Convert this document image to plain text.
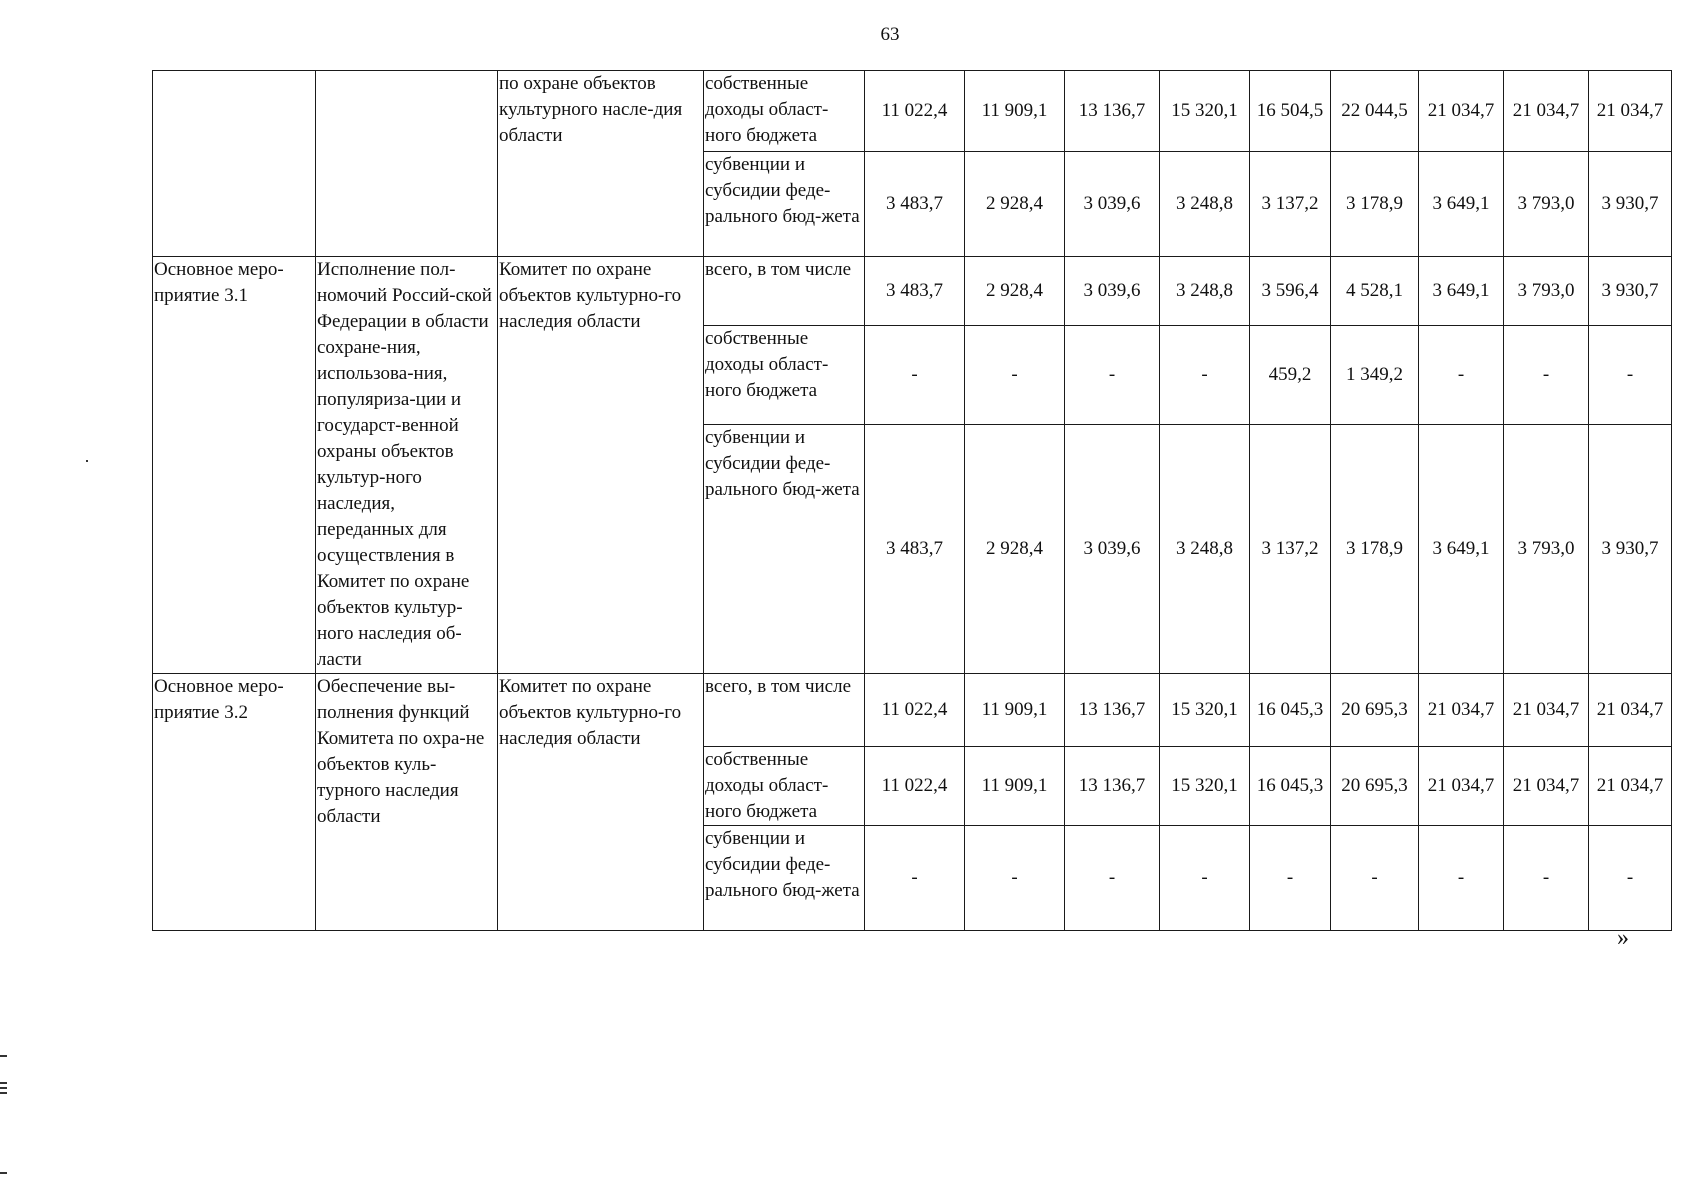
63
		по охране объектов культурного насле-дия области	собственные доходы област-ного бюджета	11 022,4	11 909,1	13 136,7	15 320,1	16 504,5	22 044,5	21 034,7	21 034,7	21 034,7
			субвенции и субсидии феде-рального бюд-жета	3 483,7	2 928,4	3 039,6	3 248,8	3 137,2	3 178,9	3 649,1	3 793,0	3 930,7
Основное меро-приятие 3.1	Исполнение пол-номочий Россий-ской Федерации в области сохране-ния, использова-ния, популяриза-ции и государст-венной охраны объектов культур-ного наследия, переданных для осуществления в Комитет по охране объектов культур-ного наследия об-ласти	Комитет по охране объектов культурно-го наследия области	всего, в том числе	3 483,7	2 928,4	3 039,6	3 248,8	3 596,4	4 528,1	3 649,1	3 793,0	3 930,7
			собственные доходы област-ного бюджета	-	-	-	-	459,2	1 349,2	-	-	-
			субвенции и субсидии феде-рального бюд-жета	3 483,7	2 928,4	3 039,6	3 248,8	3 137,2	3 178,9	3 649,1	3 793,0	3 930,7
Основное меро-приятие 3.2	Обеспечение вы-полнения функций Комитета по охра-не объектов куль-турного наследия области	Комитет по охране объектов культурно-го наследия области	всего, в том числе	11 022,4	11 909,1	13 136,7	15 320,1	16 045,3	20 695,3	21 034,7	21 034,7	21 034,7
			собственные доходы област-ного бюджета	11 022,4	11 909,1	13 136,7	15 320,1	16 045,3	20 695,3	21 034,7	21 034,7	21 034,7
			субвенции и субсидии феде-рального бюд-жета	-	-	-	-	-	-	-	-	-
»
